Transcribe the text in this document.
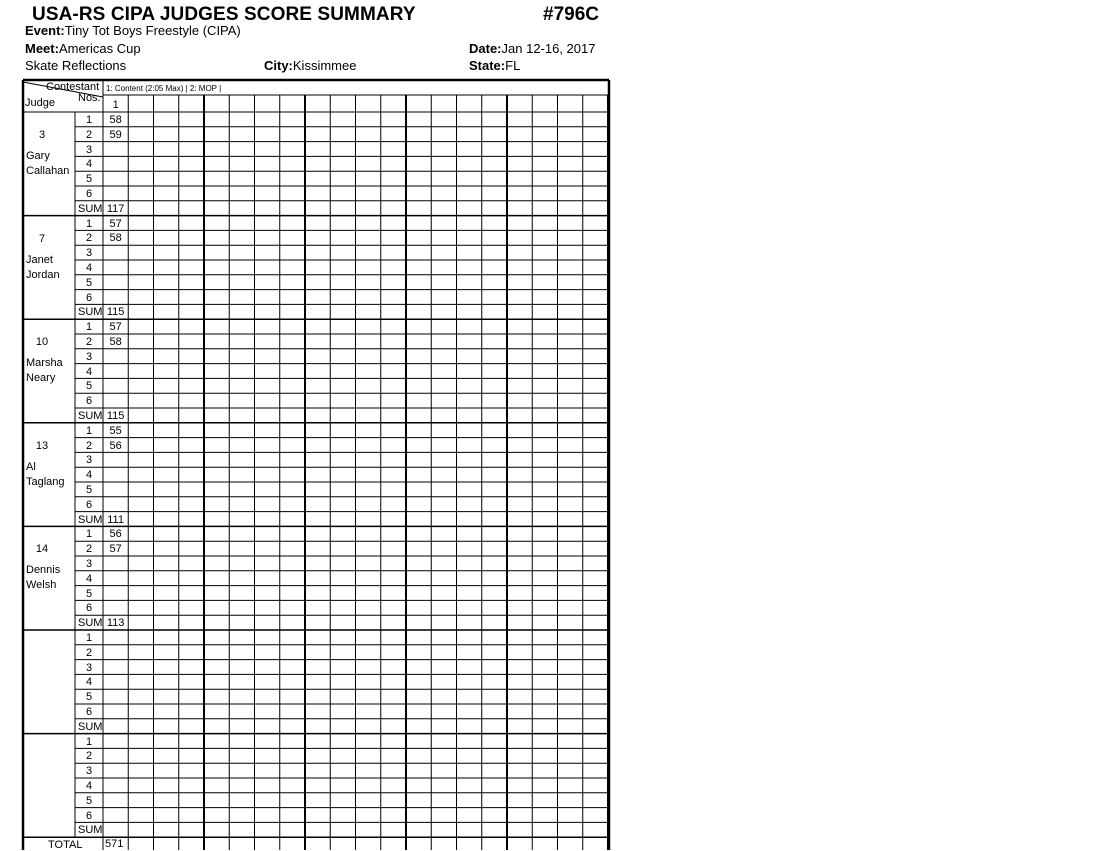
USA-RS CIPA JUDGES SCORE SUMMARY	#796C
Event:Tiny Tot Boys Freestyle (CIPA)
Meet:Americas Cup	Date:Jan 12-16, 2017
Skate Reflections	City:Kissimmee	State:FL
Contestant
Nos.
Judge
1: Content (2:05 Max) | 2: MOP |
1
3
Gary
Callahan
1	58
2	59
3
4
5
6
SUM 117
7
Janet
Jordan
1	57
2	58
3
4
5
6
SUM 115
10
Marsha
Neary
1	57
2	58
3
4
5
6
SUM 115
13
Al
Taglang
1	55
2	56
3
4
5
6
SUM 111
14
Dennis
Welsh
1	56
2	57
3
4
5
6
SUM 113
1
2
3
4
5
6
SUM
1
2
3
4
5
6
SUM
TOTAL 571
